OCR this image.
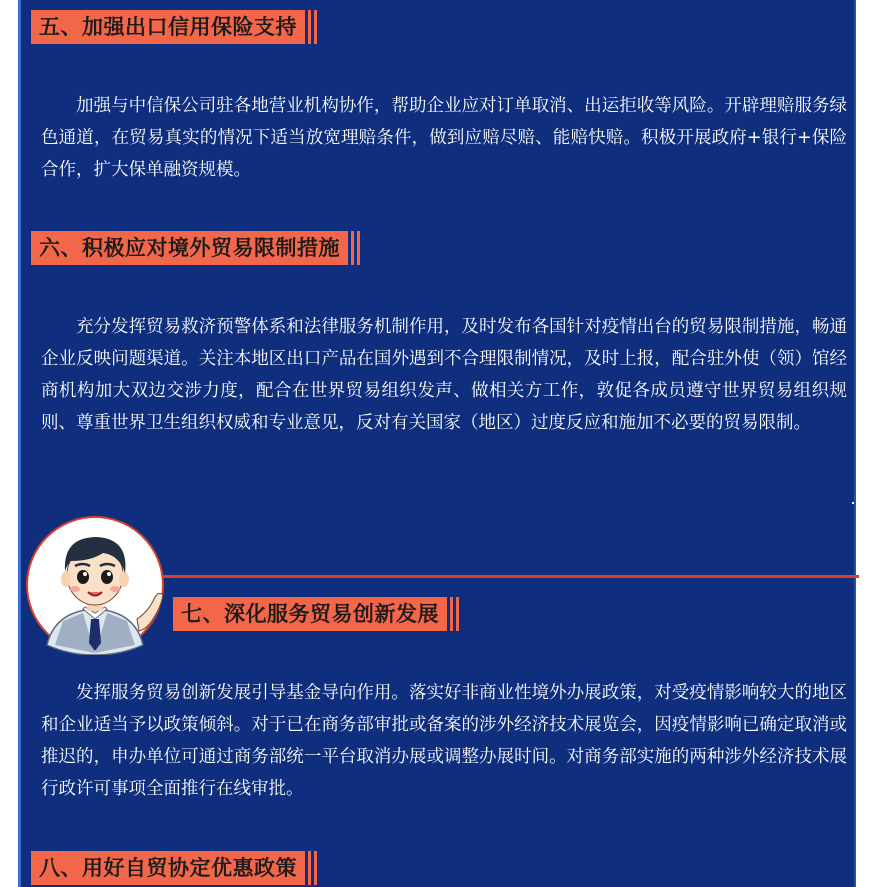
五、加强出口信用保险支持

加强与中信保公司驻各地营业机构协作，帮助企业应对订单取消、出运拒收等风险。开辟理赔服务绿色通道，在贸易真实的情况下适当放宽理赔条件，做到应赔尽赔、能赔快赔。积极开展政府+银行+保险合作，扩大保单融资规模。

六、积极应对境外贸易限制措施

充分发挥贸易救济预警体系和法律服务机制作用，及时发布各国针对疫情出台的贸易限制措施，畅通企业反映问题渠道。关注本地区出口产品在国外遇到不合理限制情况，及时上报，配合驻外使（领）馆经商机构加大双边交涉力度，配合在世界贸易组织发声、做相关方工作，敦促各成员遵守世界贸易组织规则、尊重世界卫生组织权威和专业意见，反对有关国家（地区）过度反应和施加不必要的贸易限制。

七、深化服务贸易创新发展

发挥服务贸易创新发展引导基金导向作用。落实好非商业性境外办展政策，对受疫情影响较大的地区和企业适当予以政策倾斜。对于已在商务部审批或备案的涉外经济技术展览会，因疫情影响已确定取消或推迟的，申办单位可通过商务部统一平台取消办展或调整办展时间。对商务部实施的两种涉外经济技术展行政许可事项全面推行在线审批。

八、用好自贸协定优惠政策
